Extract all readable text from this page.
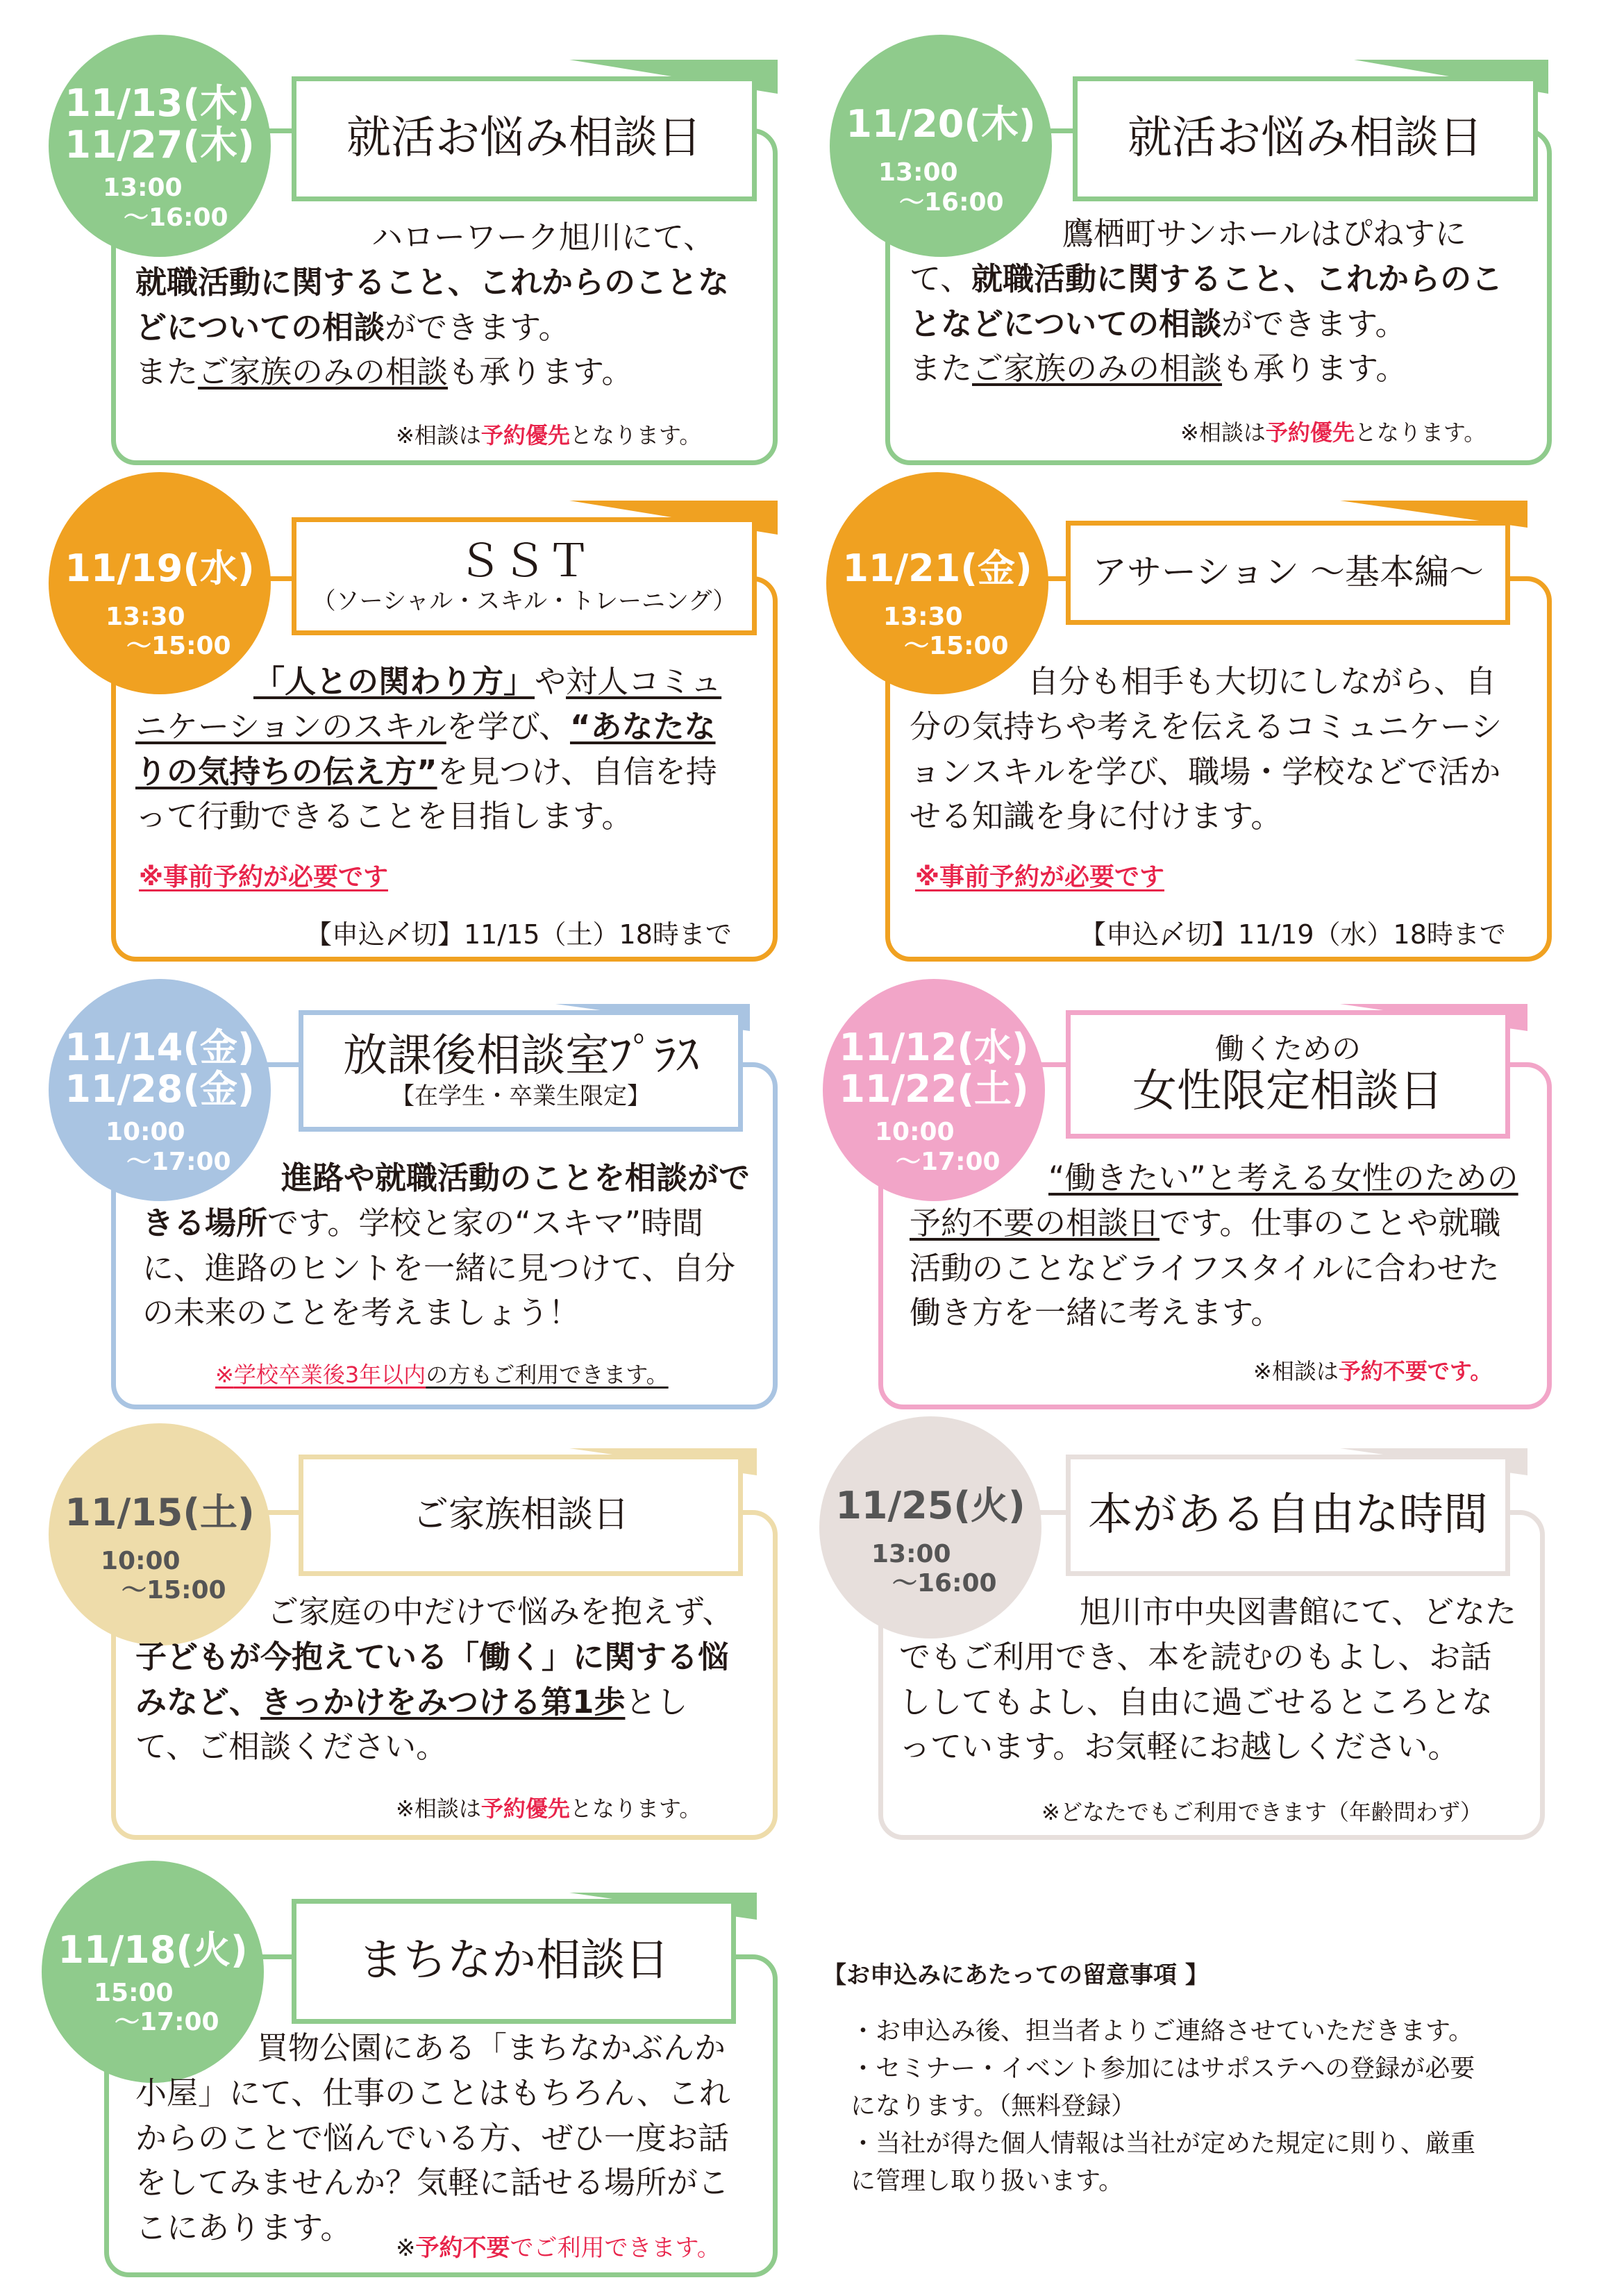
就活お悩み相談日
11/13(木)
11/27(木)
13:00
～16:00
ハローワーク旭川にて、
就職活動に関すること、これからのことなどについての相談ができます。
またご家族のみの相談も承ります。
※相談は予約優先となります。
就活お悩み相談日
11/20(木)
13:00
～16:00
鷹栖町サンホールはぴねすにて、就職活動に関すること、これからのことなどについての相談ができます。
またご家族のみの相談も承ります。
※相談は予約優先となります。
ＳＳＴ
（ソーシャル・スキル・トレーニング）
11/19(水)
13:30
～15:00
「人との関わり方」や対人コミュニケーションのスキルを学び、“あなたなりの気持ちの伝え方”を見つけ、自信を持って行動できることを目指します。
※事前予約が必要です
【申込〆切】11/15（土）18時まで
アサーション ～基本編～
11/21(金)
13:30
～15:00
自分も相手も大切にしながら、自分の気持ちや考えを伝えるコミュニケーションスキルを学び、職場・学校などで活かせる知識を身に付けます。
※事前予約が必要です
【申込〆切】11/19（水）18時まで
放課後相談室ﾌﾟﾗｽ
【在学生・卒業生限定】
11/14(金)
11/28(金)
10:00
～17:00	進路や就職活動のことを相談ができる場所です。学校と家の“スキマ”時間に、進路のヒントを一緒に見つけて、自分の未来のことを考えましょう！
※学校卒業後3年以内の方もご利用できます。
働くための
女性限定相談日
11/12(水)
11/22(土)
10:00
～17:00	“働きたい”と考える女性のための予約不要の相談日です。仕事のことや就職活動のことなどライフスタイルに合わせた働き方を一緒に考えます。
※相談は予約不要です。
ご家族相談日
11/15(土)
10:00
～15:00
ご家庭の中だけで悩みを抱えず、子どもが今抱えている「働く」に関する悩みなど、きっかけをみつける第1歩として、ご相談ください。
※相談は予約優先となります。
本がある自由な時間
11/25(火)
13:00
～16:00
旭川市中央図書館にて、どなたでもご利用でき、本を読むのもよし、お話ししてもよし、自由に過ごせるところとなっています。お気軽にお越しください。
※どなたでもご利用できます（年齢問わず）
まちなか相談日
11/18(火)
15:00
～17:00
買物公園にある「まちなかぶんか小屋」にて、仕事のことはもちろん、これからのことで悩んでいる方、ぜひ一度お話をしてみませんか？気軽に話せる場所がここにあります。
※予約不要でご利用できます。
【お申込みにあたっての留意事項 】
・お申込み後、担当者よりご連絡させていただきます。
・セミナー・イベント参加にはサポステへの登録が必要になります。（無料登録）
・当社が得た個人情報は当社が定めた規定に則り、厳重に管理し取り扱います。
